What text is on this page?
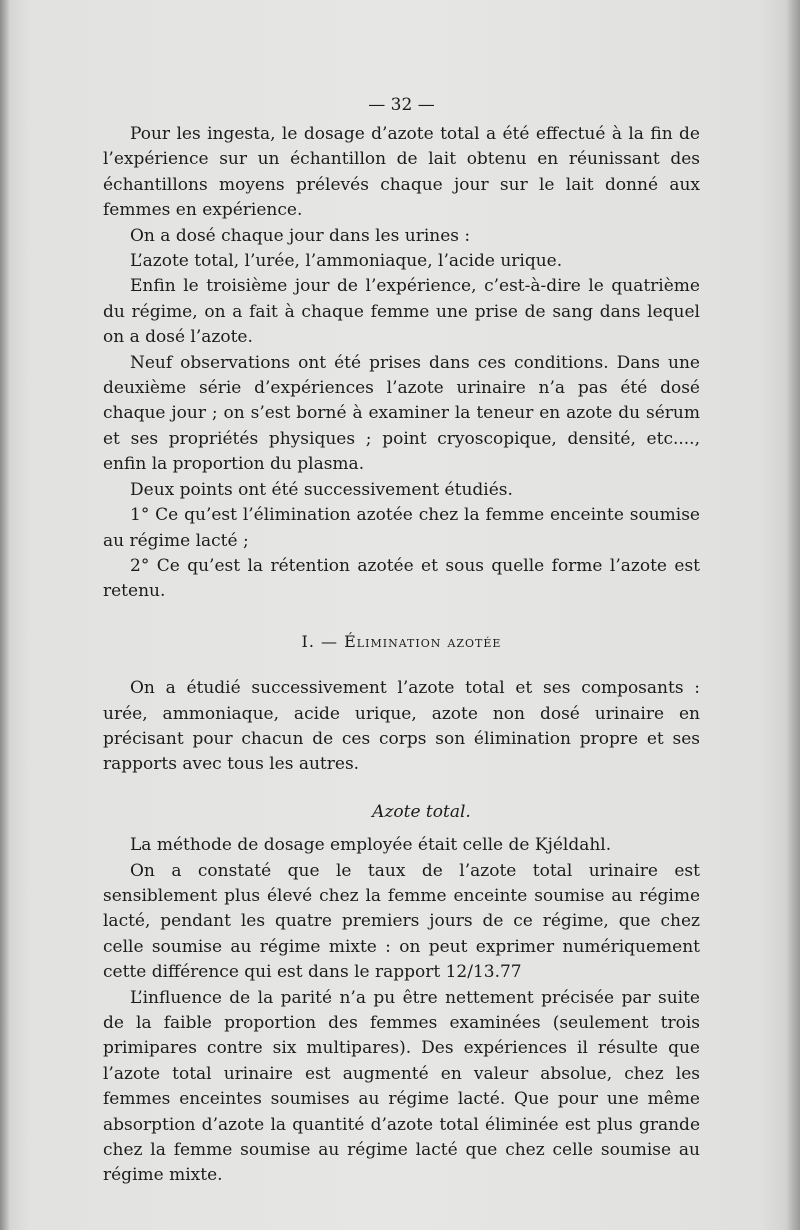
— 32 —

Pour les ingesta, le dosage d’azote total a été effectué à la fin de l’expérience sur un échantillon de lait obtenu en réunissant des échantillons moyens prélevés chaque jour sur le lait donné aux femmes en expérience.

On a dosé chaque jour dans les urines :

L’azote total, l’urée, l’ammoniaque, l’acide urique.

Enfin le troisième jour de l’expérience, c’est-à-dire le quatrième du régime, on a fait à chaque femme une prise de sang dans lequel on a dosé l’azote.

Neuf observations ont été prises dans ces conditions. Dans une deuxième série d’expériences l’azote urinaire n’a pas été dosé chaque jour ; on s’est borné à examiner la teneur en azote du sérum et ses propriétés physiques ; point cryoscopique, densité, etc...., enfin la proportion du plasma.

Deux points ont été successivement étudiés.

1° Ce qu’est l’élimination azotée chez la femme enceinte soumise au régime lacté ;

2° Ce qu’est la rétention azotée et sous quelle forme l’azote est retenu.

I. — Élimination azotée

On a étudié successivement l’azote total et ses composants : urée, ammoniaque, acide urique, azote non dosé urinaire en précisant pour chacun de ces corps son élimination propre et ses rapports avec tous les autres.

Azote total.

La méthode de dosage employée était celle de Kjéldahl.

On a constaté que le taux de l’azote total urinaire est sensiblement plus élevé chez la femme enceinte soumise au régime lacté, pendant les quatre premiers jours de ce régime, que chez celle soumise au régime mixte : on peut exprimer numériquement cette différence qui est dans le rapport 12/13.77

L’influence de la parité n’a pu être nettement précisée par suite de la faible proportion des femmes examinées (seulement trois primipares contre six multipares). Des expériences il résulte que l’azote total urinaire est augmenté en valeur absolue, chez les femmes enceintes soumises au régime lacté. Que pour une même absorption d’azote la quantité d’azote total éliminée est plus grande chez la femme soumise au régime lacté que chez celle soumise au régime mixte.
